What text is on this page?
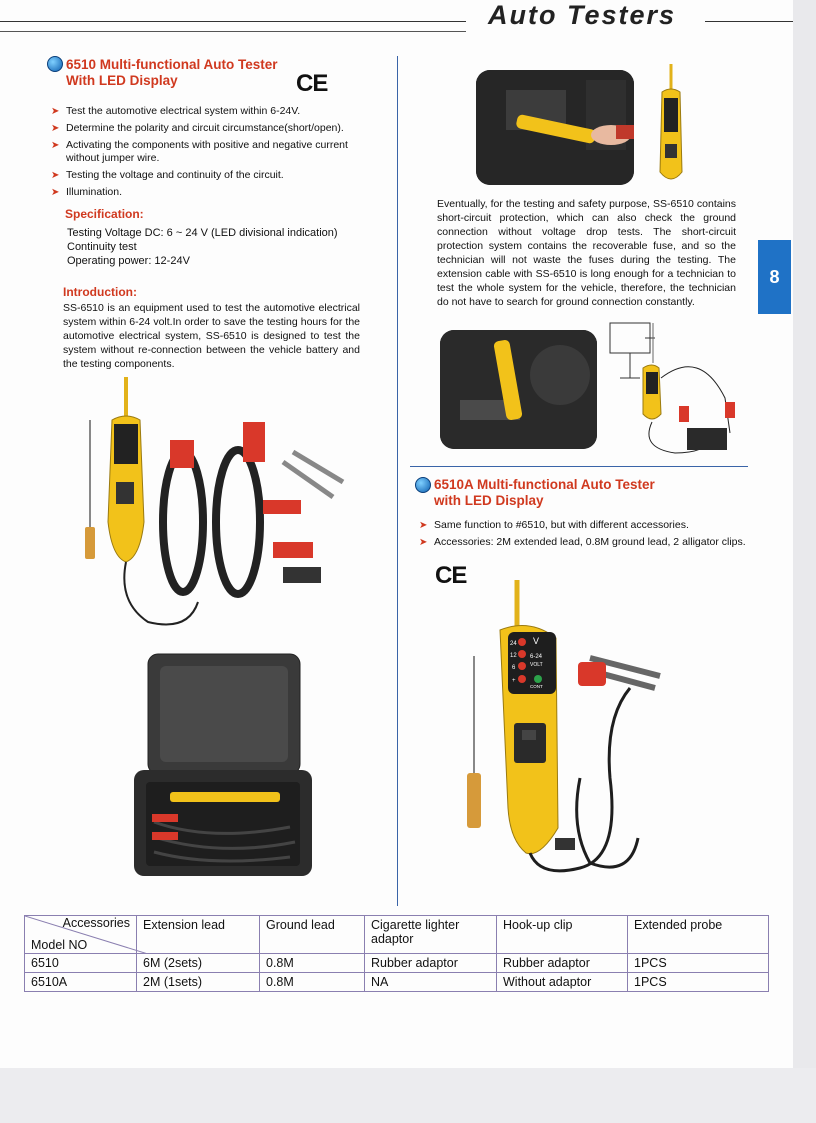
Auto Testers
8
6510 Multi-functional Auto Tester
With LED Display	CE
➤ Test the automotive electrical system within 6-24V.
➤ Determine the polarity and circuit circumstance(short/open).
➤ Activating the components with positive and negative current without jumper wire.
➤ Testing the voltage and continuity of the circuit.
➤ Illumination.
Specification:
Testing Voltage DC: 6 ~ 24 V (LED divisional indication)
Continuity test
Operating power: 12-24V
Introduction:
SS-6510 is an equipment used to test the automotive electrical system within 6-24 volt.In order to save the testing hours for the automotive electrical system, SS-6510 is designed to test the system without re-connection between the vehicle battery and the testing components.
Eventually, for the testing and safety purpose, SS-6510 contains short-circuit protection, which can also check the ground connection without voltage drop tests. The short-circuit protection system contains the recoverable fuse, and so the technician will not waste the fuses during the testing. The extension cable with SS-6510 is long enough for a technician to test the whole system for the vehicle, therefore, the technician do not have to search for ground connection constantly.
6510A Multi-functional Auto Tester
with LED Display
➤ Same function to #6510, but with different accessories.
➤ Accessories: 2M extended lead, 0.8M ground lead, 2 alligator clips.
CE
24
12
6
+
V
6-24
VOLT
CONT
Accessories
Model NO	Extension lead	Ground lead	Cigarette lighter adaptor	Hook-up clip	Extended probe
6510	6M (2sets)	0.8M	Rubber adaptor	Rubber adaptor	1PCS
6510A	2M (1sets)	0.8M	NA	Without adaptor	1PCS
